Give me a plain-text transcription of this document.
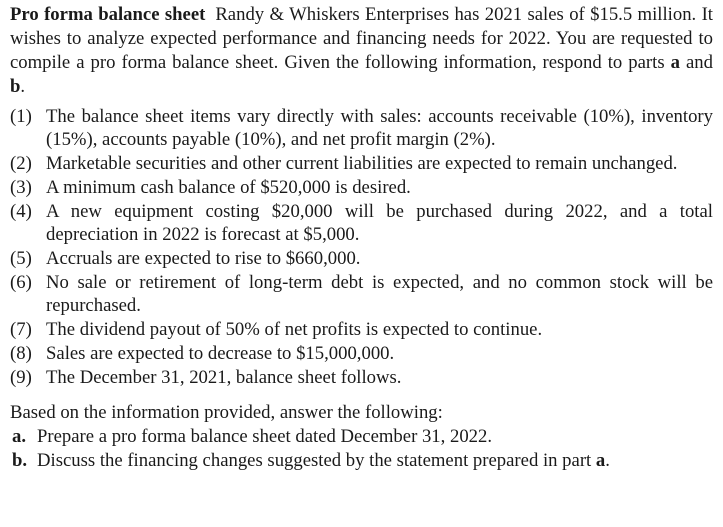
Pro forma balance sheet Randy & Whiskers Enterprises has 2021 sales of $15.5 million. It wishes to analyze expected performance and financing needs for 2022. You are requested to compile a pro forma balance sheet. Given the following information, respond to parts a and b.

(1) The balance sheet items vary directly with sales: accounts receivable (10%), inventory (15%), accounts payable (10%), and net profit margin (2%).
(2) Marketable securities and other current liabilities are expected to remain unchanged.
(3) A minimum cash balance of $520,000 is desired.
(4) A new equipment costing $20,000 will be purchased during 2022, and a total depreciation in 2022 is forecast at $5,000.
(5) Accruals are expected to rise to $660,000.
(6) No sale or retirement of long-term debt is expected, and no common stock will be repurchased.
(7) The dividend payout of 50% of net profits is expected to continue.
(8) Sales are expected to decrease to $15,000,000.
(9) The December 31, 2021, balance sheet follows.

Based on the information provided, answer the following:

a. Prepare a pro forma balance sheet dated December 31, 2022.
b. Discuss the financing changes suggested by the statement prepared in part a.
